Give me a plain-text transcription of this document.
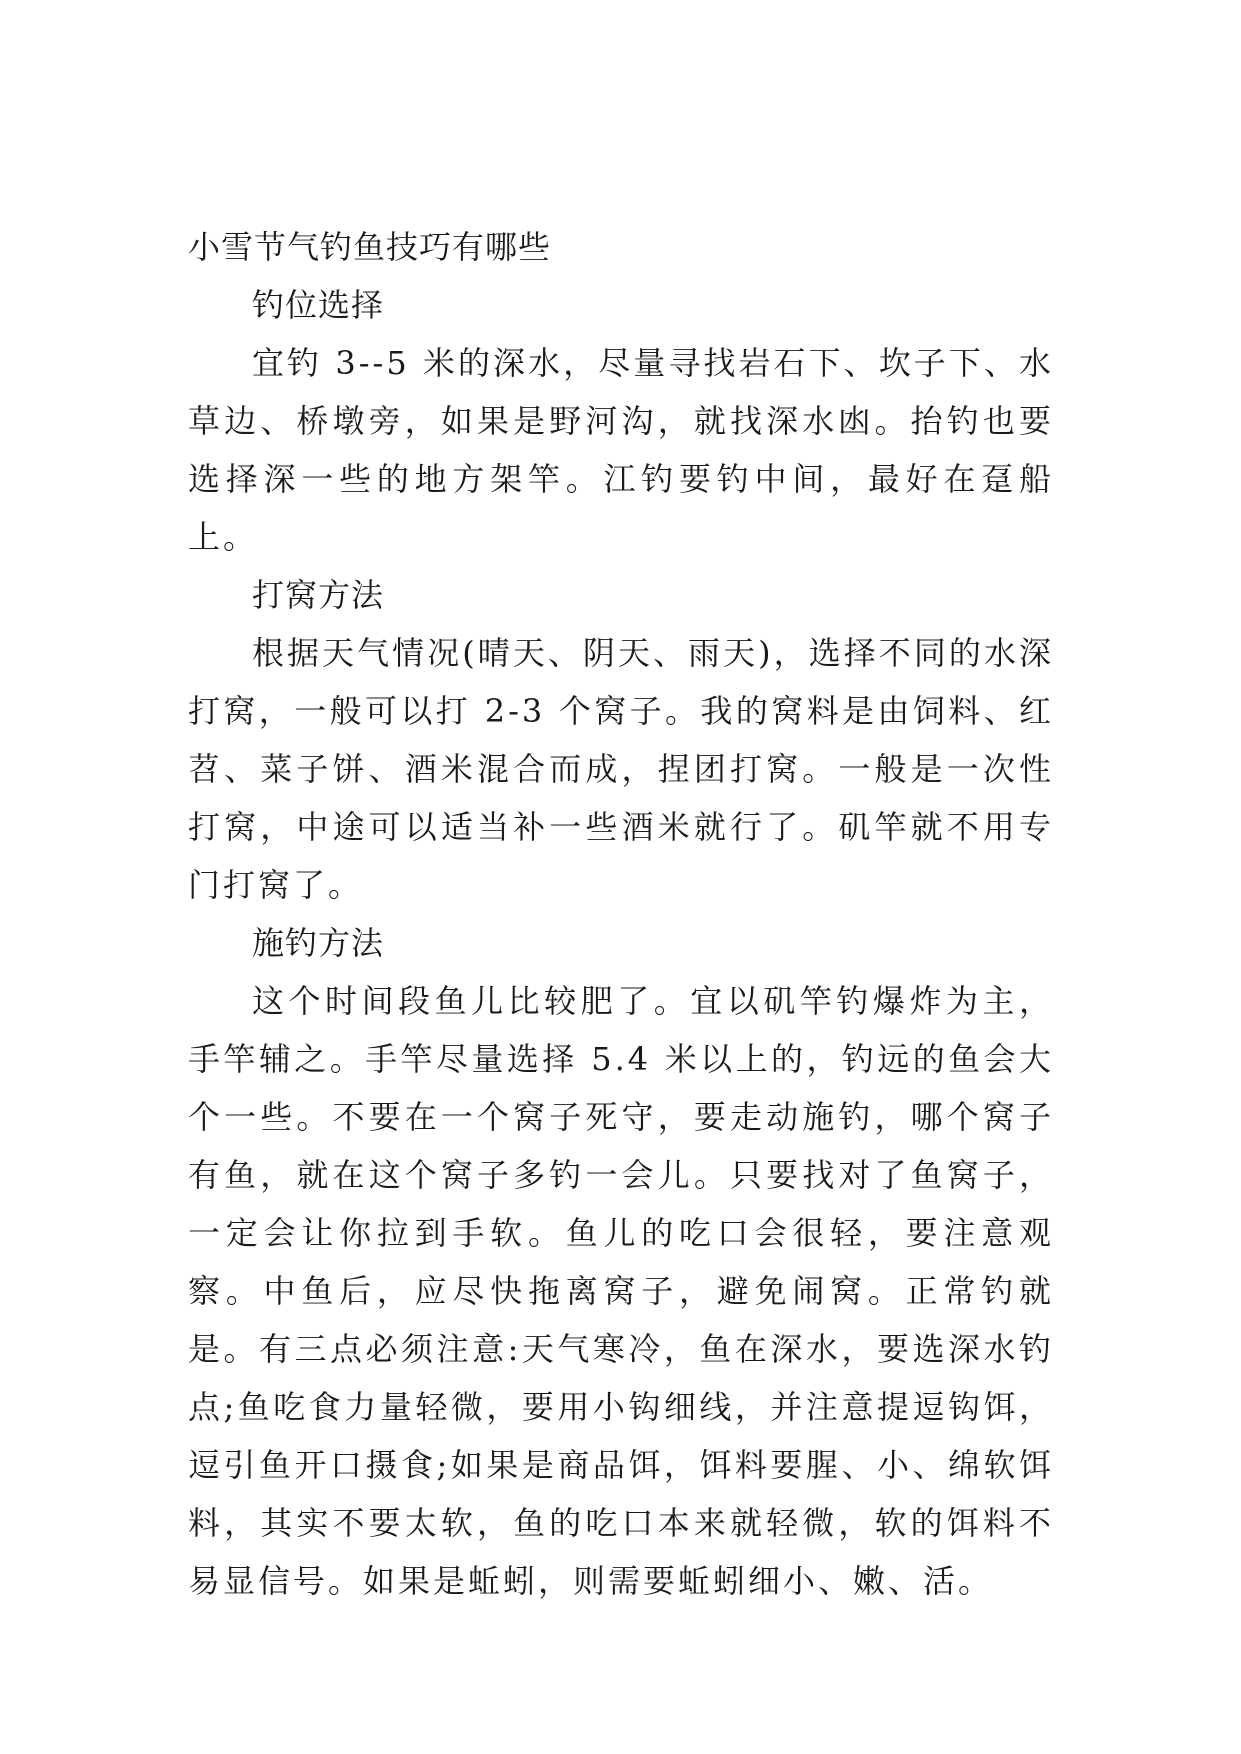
小雪节气钓鱼技巧有哪些
钓位选择

宜钓 3--5 米的深水，尽量寻找岩石下、坎子下、水草边、桥墩旁，如果是野河沟，就找深水凼。抬钓也要选择深一些的地方架竿。江钓要钓中间，最好在趸船上。

打窝方法

根据天气情况(晴天、阴天、雨天)，选择不同的水深打窝，一般可以打 2-3 个窝子。我的窝料是由饲料、红苕、菜子饼、酒米混合而成，捏团打窝。一般是一次性打窝，中途可以适当补一些酒米就行了。矶竿就不用专门打窝了。

施钓方法

这个时间段鱼儿比较肥了。宜以矶竿钓爆炸为主，手竿辅之。手竿尽量选择 5.4 米以上的，钓远的鱼会大个一些。不要在一个窝子死守，要走动施钓，哪个窝子有鱼，就在这个窝子多钓一会儿。只要找对了鱼窝子，一定会让你拉到手软。鱼儿的吃口会很轻，要注意观察。中鱼后，应尽快拖离窝子，避免闹窝。正常钓就是。有三点必须注意:天气寒冷，鱼在深水，要选深水钓点;鱼吃食力量轻微，要用小钩细线，并注意提逗钩饵，逗引鱼开口摄食;如果是商品饵，饵料要腥、小、绵软饵料，其实不要太软，鱼的吃口本来就轻微，软的饵料不易显信号。如果是蚯蚓，则需要蚯蚓细小、嫩、活。
